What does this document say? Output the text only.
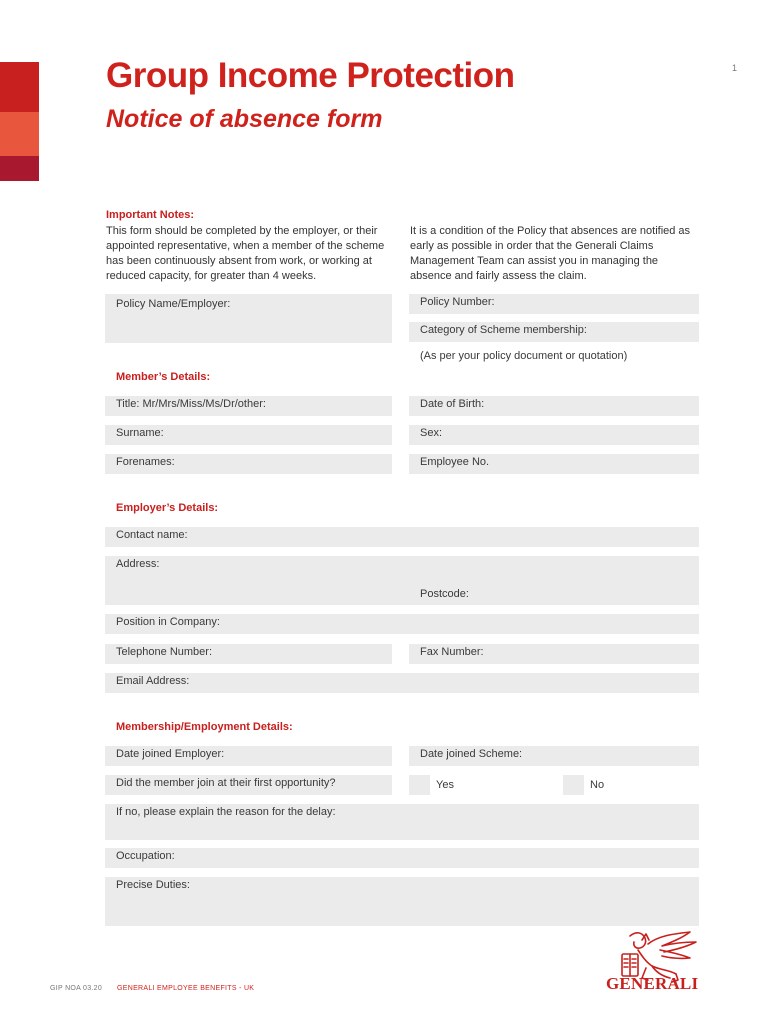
Group Income Protection
Notice of absence form
1
Important Notes:
This form should be completed by the employer, or their appointed representative, when a member of the scheme has been continuously absent from work, or working at reduced capacity, for greater than 4 weeks.
It is a condition of the Policy that absences are notified as early as possible in order that the Generali Claims Management Team can assist you in managing the absence and fairly assess the claim.
Policy Name/Employer:	Policy Number:
Category of Scheme membership:
(As per your policy document or quotation)
Member’s Details:
Title: Mr/Mrs/Miss/Ms/Dr/other:	Date of Birth:
Surname:	Sex:
Forenames:	Employee No.
Employer’s Details:
Contact name:
Address:
Postcode:
Position in Company:
Telephone Number:	Fax Number:
Email Address:
Membership/Employment Details:
Date joined Employer:	Date joined Scheme:
Did the member join at their first opportunity?	Yes	No
If no, please explain the reason for the delay:
Occupation:
Precise Duties:
GIP NOA 03.20 GENERALI EMPLOYEE BENEFITS - UK	GENERALI
